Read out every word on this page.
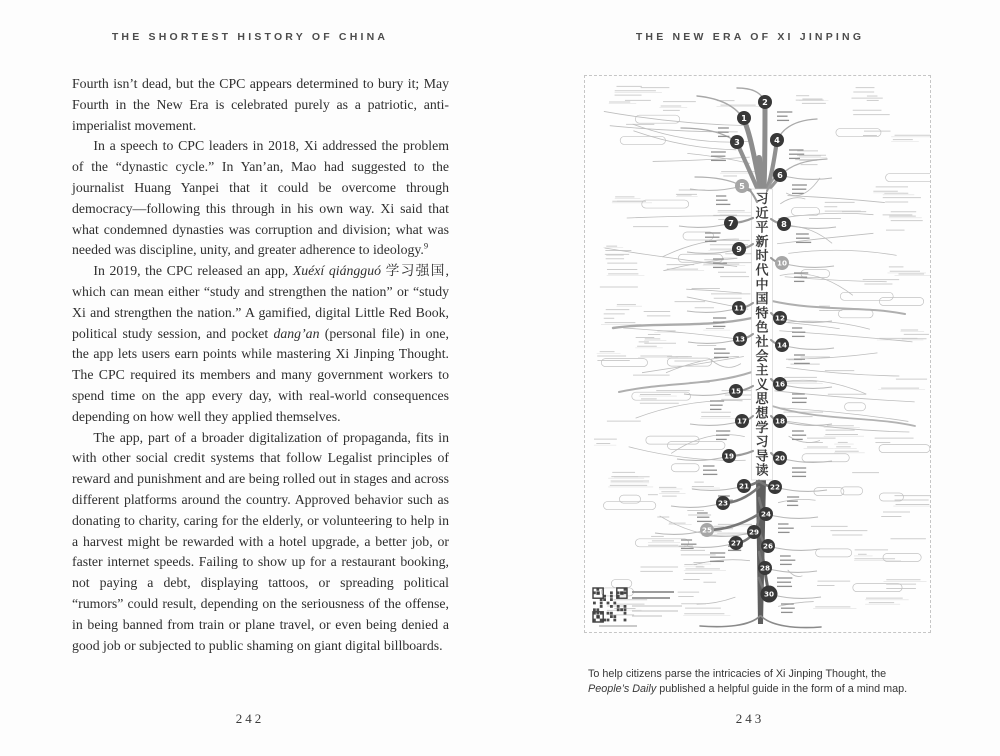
THE SHORTEST HISTORY OF CHINA

Fourth isn’t dead, but the CPC appears determined to bury it; May Fourth in the New Era is celebrated purely as a patriotic, anti-imperialist movement.

In a speech to CPC leaders in 2018, Xi addressed the problem of the “dynastic cycle.” In Yan’an, Mao had suggested to the journalist Huang Yanpei that it could be overcome through democracy—following this through in his own way. Xi said that what condemned dynasties was corruption and division; what was needed was discipline, unity, and greater adherence to ideology.$^9$

In 2019, the CPC released an app, Xuéxí qiángguó 学习强国, which can mean either “study and strengthen the nation” or “study Xi and strengthen the nation.” A gamified, digital Little Red Book, political study session, and pocket dang’an (personal file) in one, the app lets users earn points while mastering Xi Jinping Thought. The CPC required its members and many government workers to spend time on the app every day, with real-world consequences depending on how well they applied themselves.

The app, part of a broader digitalization of propaganda, fits in with other social credit systems that follow Legalist principles of reward and punishment and are being rolled out in stages and across different platforms around the country. Approved behavior such as donating to charity, caring for the elderly, or volunteering to help in a harvest might be rewarded with a hotel upgrade, a better job, or faster internet speeds. Failing to show up for a restaurant booking, not paying a debt, displaying tattoos, or spreading political “rumors” could result, depending on the seriousness of the offense, in being banned from train or plane travel, or even being denied a good job or subjected to public shaming on giant digital billboards.

242
THE NEW ERA OF XI JINPING
习
近
平
新
时
代
中
国
特
色
社
会
主
义
思
想
学
习
导
读
1
2
3	4
5
6
7	8
9
10
11
12
13
14
15
16
17	18
19	20
21	22
23
24
25
26
27
28
29
30

To help citizens parse the intricacies of Xi Jinping Thought, the People’s Daily published a helpful guide in the form of a mind map.

243
